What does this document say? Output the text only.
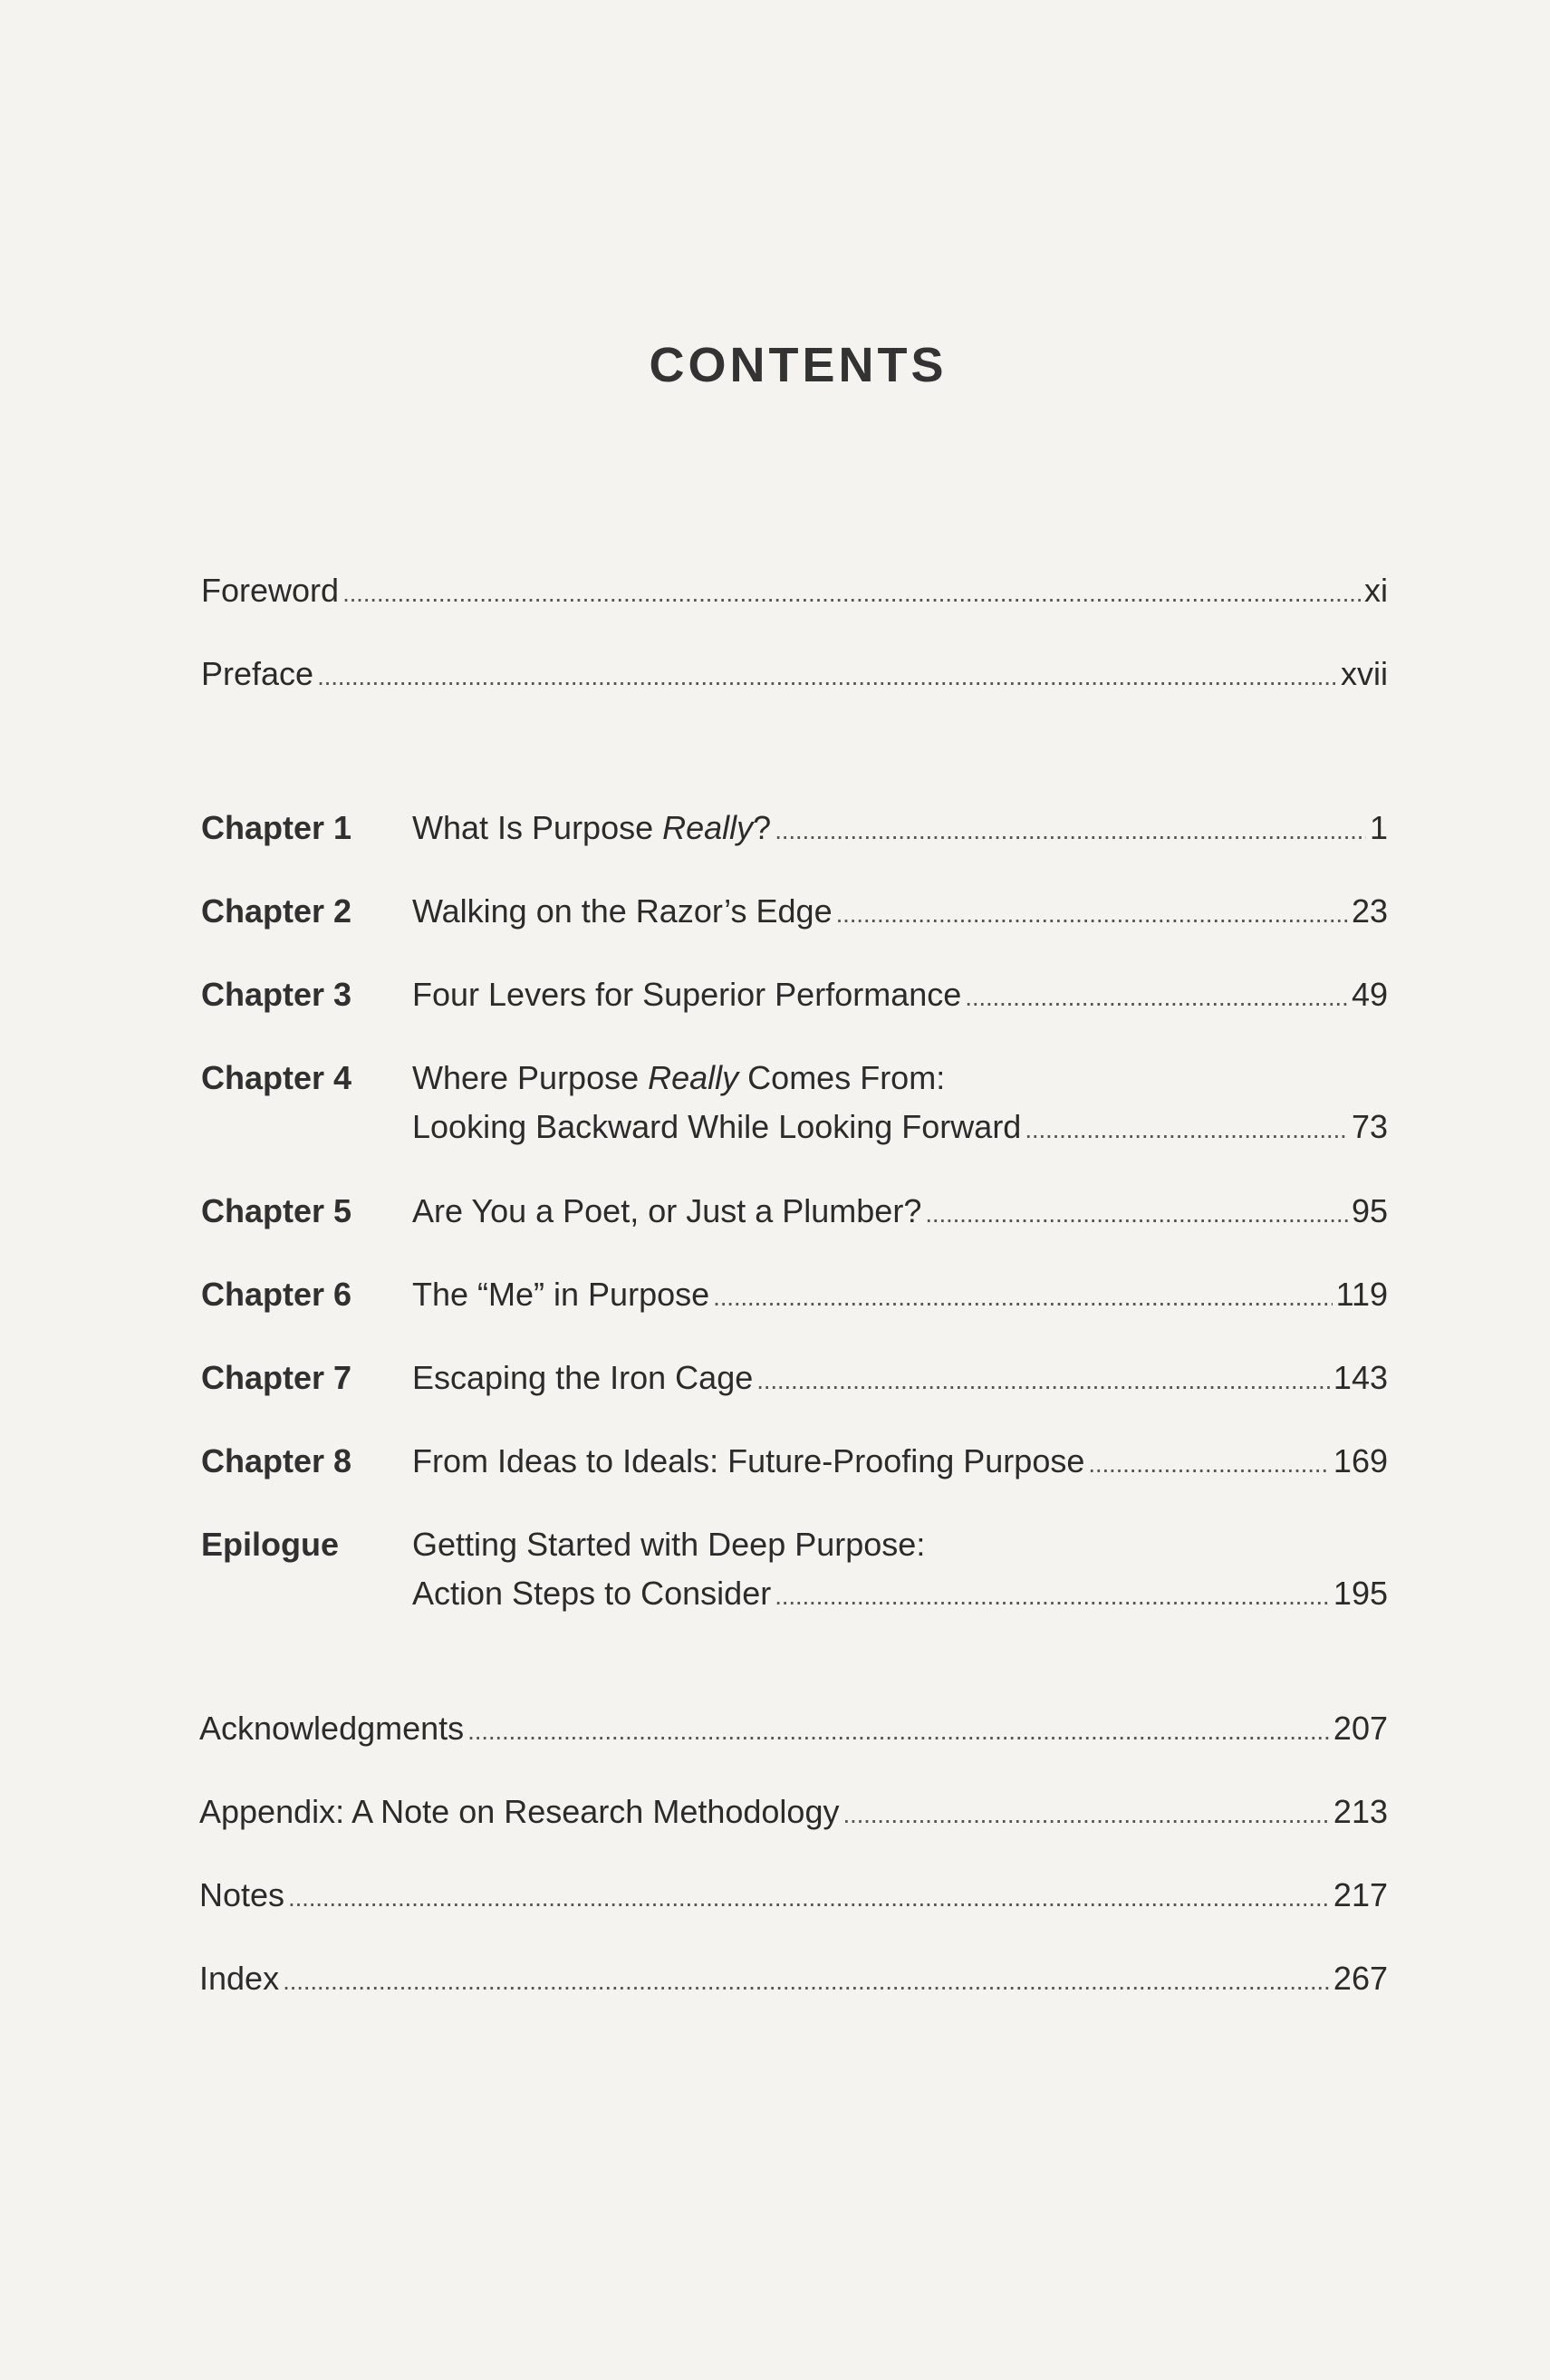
CONTENTS
Foreword . . .	xi
Preface . . .	xvii
Chapter 1 What Is Purpose Really? . . .	1
Chapter 2 Walking on the Razor’s Edge . . .	23
Chapter 3 Four Levers for Superior Performance . . .	49
Chapter 4 Where Purpose Really Comes From:
Looking Backward While Looking Forward . . .	73
Chapter 5 Are You a Poet, or Just a Plumber? . . .	95
Chapter 6 The “Me” in Purpose . . .	119
Chapter 7 Escaping the Iron Cage . . .	143
Chapter 8 From Ideas to Ideals: Future-Proofing Purpose . . .	169
Epilogue Getting Started with Deep Purpose:
Action Steps to Consider . . .	195
Acknowledgments . . .	207
Appendix: A Note on Research Methodology . . .	213
Notes . . .	217
Index . . .	267
